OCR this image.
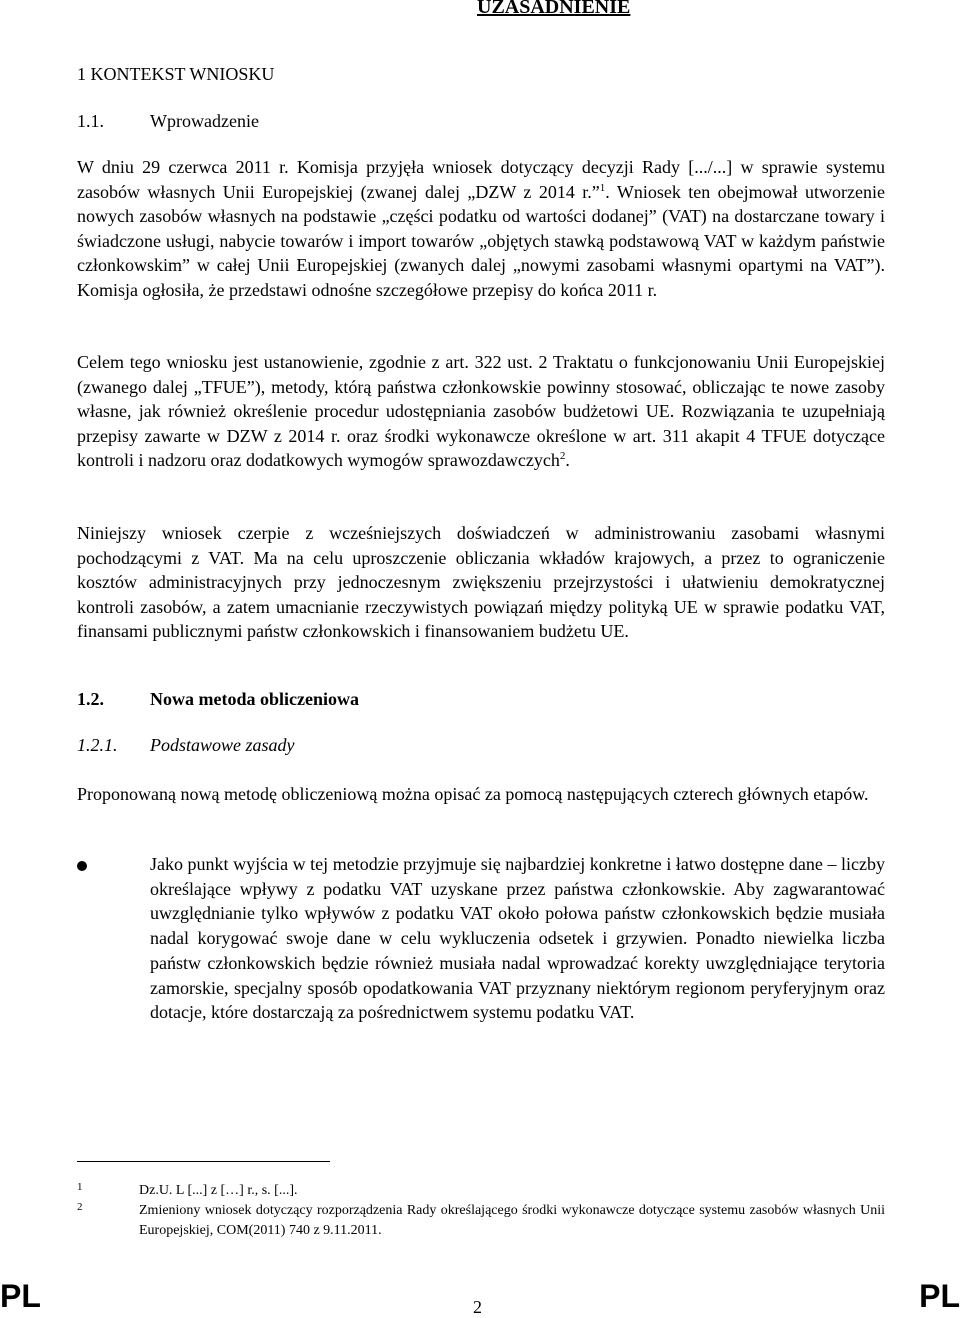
UZASADNIENIE
1 KONTEKST WNIOSKU
1.1.	Wprowadzenie
W dniu 29 czerwca 2011 r. Komisja przyjęła wniosek dotyczący decyzji Rady [.../...] w sprawie systemu zasobów własnych Unii Europejskiej (zwanej dalej „DZW z 2014 r.”$^1$. Wniosek ten obejmował utworzenie nowych zasobów własnych na podstawie „części podatku od wartości dodanej” (VAT) na dostarczane towary i świadczone usługi, nabycie towarów i import towarów „objętych stawką podstawową VAT w każdym państwie członkowskim” w całej Unii Europejskiej (zwanych dalej „nowymi zasobami własnymi opartymi na VAT”). Komisja ogłosiła, że przedstawi odnośne szczegółowe przepisy do końca 2011 r.
Celem tego wniosku jest ustanowienie, zgodnie z art. 322 ust. 2 Traktatu o funkcjonowaniu Unii Europejskiej (zwanego dalej „TFUE”), metody, którą państwa członkowskie powinny stosować, obliczając te nowe zasoby własne, jak również określenie procedur udostępniania zasobów budżetowi UE. Rozwiązania te uzupełniają przepisy zawarte w DZW z 2014 r. oraz środki wykonawcze określone w art. 311 akapit 4 TFUE dotyczące kontroli i nadzoru oraz dodatkowych wymogów sprawozdawczych$^2$.
Niniejszy wniosek czerpie z wcześniejszych doświadczeń w administrowaniu zasobami własnymi pochodzącymi z VAT. Ma na celu uproszczenie obliczania wkładów krajowych, a przez to ograniczenie kosztów administracyjnych przy jednoczesnym zwiększeniu przejrzystości i ułatwieniu demokratycznej kontroli zasobów, a zatem umacnianie rzeczywistych powiązań między polityką UE w sprawie podatku VAT, finansami publicznymi państw członkowskich i finansowaniem budżetu UE.
1.2.	Nowa metoda obliczeniowa
1.2.1. Podstawowe zasady
Proponowaną nową metodę obliczeniową można opisać za pomocą następujących czterech głównych etapów.
Jako punkt wyjścia w tej metodzie przyjmuje się najbardziej konkretne i łatwo dostępne dane – liczby określające wpływy z podatku VAT uzyskane przez państwa członkowskie. Aby zagwarantować uwzględnianie tylko wpływów z podatku VAT około połowa państw członkowskich będzie musiała nadal korygować swoje dane w celu wykluczenia odsetek i grzywien. Ponadto niewielka liczba państw członkowskich będzie również musiała nadal wprowadzać korekty uwzględniające terytoria zamorskie, specjalny sposób opodatkowania VAT przyznany niektórym regionom peryferyjnym oraz dotacje, które dostarczają za pośrednictwem systemu podatku VAT.
1	Dz.U. L [...] z […] r., s. [...].
2	Zmieniony wniosek dotyczący rozporządzenia Rady określającego środki wykonawcze dotyczące systemu zasobów własnych Unii Europejskiej, COM(2011) 740 z 9.11.2011.
PL	2	PL
